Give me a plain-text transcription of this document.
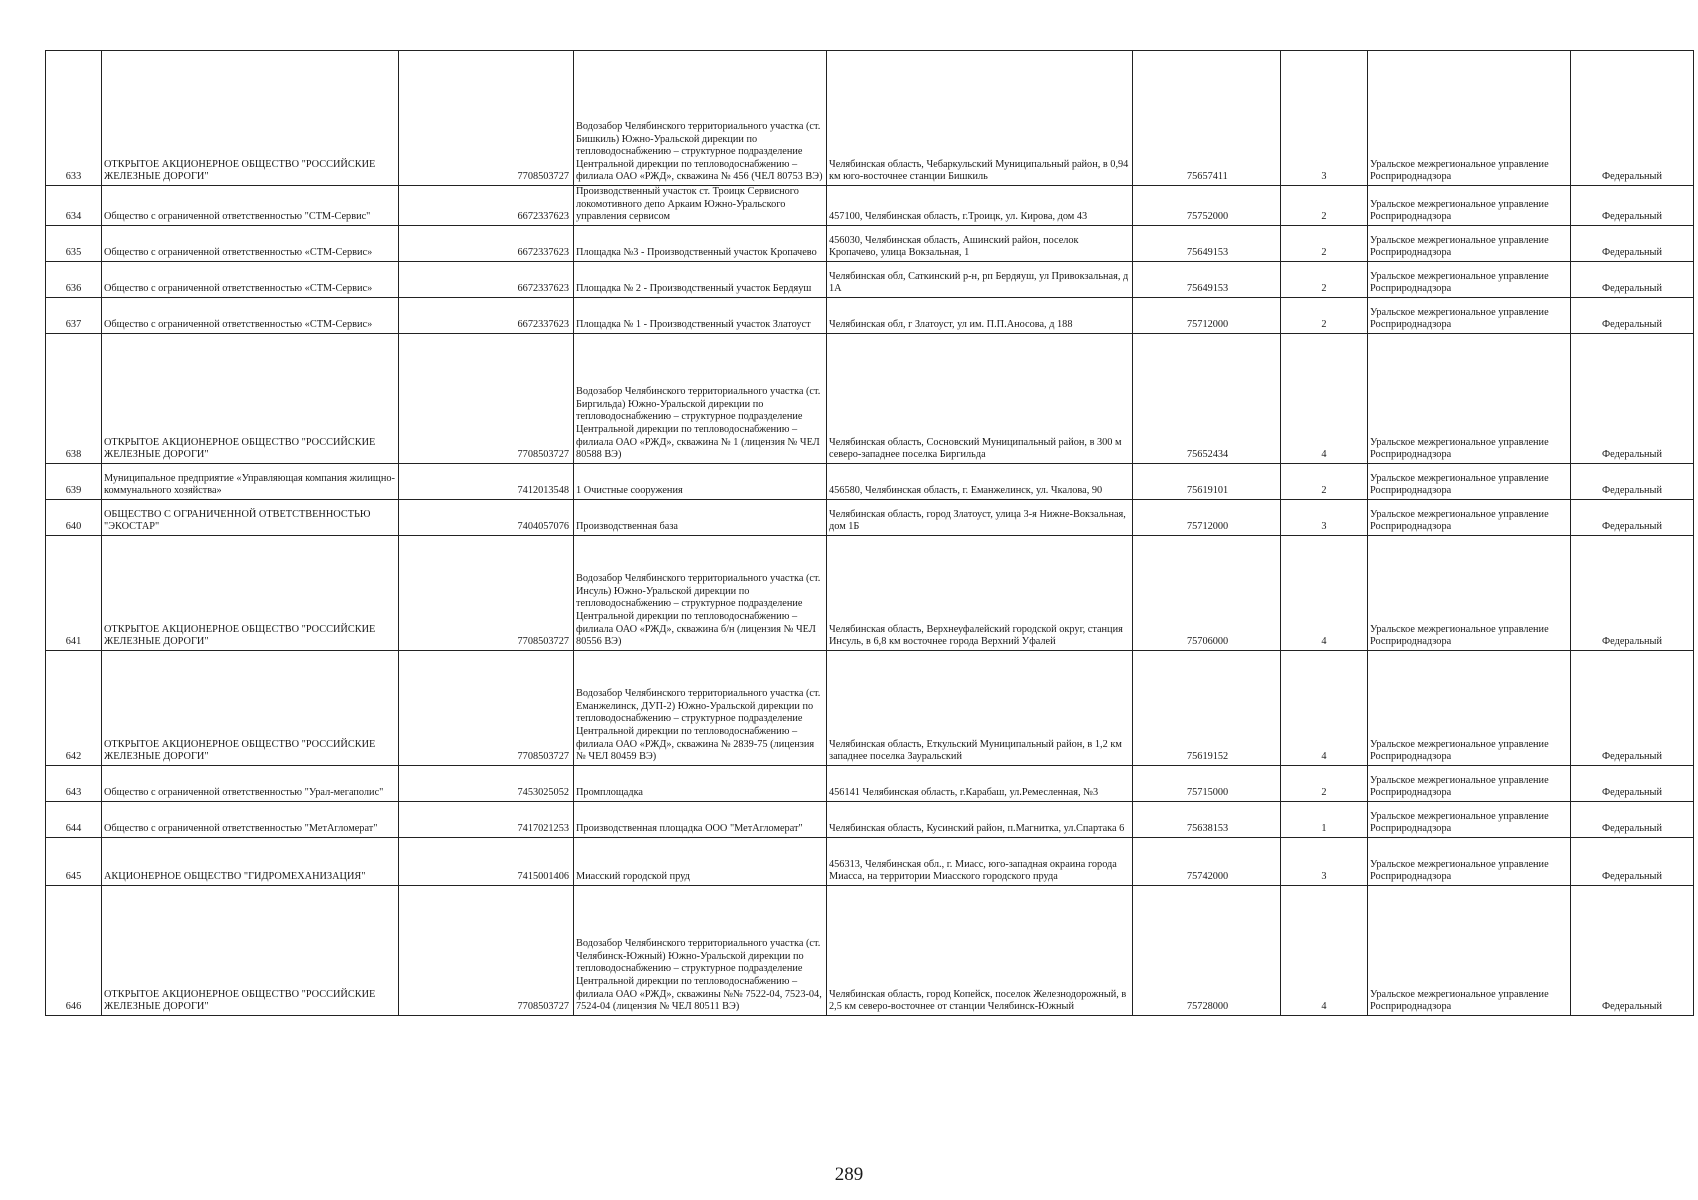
633	ОТКРЫТОЕ АКЦИОНЕРНОЕ ОБЩЕСТВО "РОССИЙСКИЕ ЖЕЛЕЗНЫЕ ДОРОГИ"	7708503727	Водозабор Челябинского территориального участка (ст. Бишкиль) Южно-Уральской дирекции по тепловодоснабжению – структурное подразделение Центральной дирекции по тепловодоснабжению – филиала ОАО «РЖД», скважина № 456 (ЧЕЛ 80753 ВЭ)	Челябинская область, Чебаркульский Муниципальный район, в 0,94 км юго-восточнее станции Бишкиль	75657411	3	Уральское межрегиональное управление Росприроднадзора	Федеральный
634	Общество с ограниченной ответственностью "СТМ-Сервис"	6672337623	Производственный участок ст. Троицк Сервисного локомотивного депо Аркаим Южно-Уральского управления сервисом	457100, Челябинская область, г.Троицк, ул. Кирова, дом 43	75752000	2	Уральское межрегиональное управление Росприроднадзора	Федеральный
635	Общество с ограниченной ответственностью «СТМ-Сервис»	6672337623	Площадка №3 - Производственный участок Кропачево	456030, Челябинская область, Ашинский район, поселок Кропачево, улица Вокзальная, 1	75649153	2	Уральское межрегиональное управление Росприроднадзора	Федеральный
636	Общество с ограниченной ответственностью «СТМ-Сервис»	6672337623	Площадка № 2 - Производственный участок Бердяуш	Челябинская обл, Саткинский р-н, рп Бердяуш, ул Привокзальная, д 1А	75649153	2	Уральское межрегиональное управление Росприроднадзора	Федеральный
637	Общество с ограниченной ответственностью «СТМ-Сервис»	6672337623	Площадка № 1 - Производственный участок Златоуст	Челябинская обл, г Златоуст, ул им. П.П.Аносова, д 188	75712000	2	Уральское межрегиональное управление Росприроднадзора	Федеральный
638	ОТКРЫТОЕ АКЦИОНЕРНОЕ ОБЩЕСТВО "РОССИЙСКИЕ ЖЕЛЕЗНЫЕ ДОРОГИ"	7708503727	Водозабор Челябинского территориального участка (ст. Биргильда) Южно-Уральской дирекции по тепловодоснабжению – структурное подразделение Центральной дирекции по тепловодоснабжению – филиала ОАО «РЖД», скважина № 1 (лицензия № ЧЕЛ 80588 ВЭ)	Челябинская область, Сосновский Муниципальный район, в 300 м северо-западнее поселка Биргильда	75652434	4	Уральское межрегиональное управление Росприроднадзора	Федеральный
639	Муниципальное предприятие «Управляющая компания жилищно-коммунального хозяйства»	7412013548	1 Очистные сооружения	456580, Челябинская область, г. Еманжелинск, ул. Чкалова, 90	75619101	2	Уральское межрегиональное управление Росприроднадзора	Федеральный
640	ОБЩЕСТВО С ОГРАНИЧЕННОЙ ОТВЕТСТВЕННОСТЬЮ "ЭКОСТАР"	7404057076	Производственная база	Челябинская область, город Златоуст, улица 3-я Нижне-Вокзальная, дом 1Б	75712000	3	Уральское межрегиональное управление Росприроднадзора	Федеральный
641	ОТКРЫТОЕ АКЦИОНЕРНОЕ ОБЩЕСТВО "РОССИЙСКИЕ ЖЕЛЕЗНЫЕ ДОРОГИ"	7708503727	Водозабор Челябинского территориального участка (ст. Инсуль) Южно-Уральской дирекции по тепловодоснабжению – структурное подразделение Центральной дирекции по тепловодоснабжению – филиала ОАО «РЖД», скважина б/н (лицензия № ЧЕЛ 80556 ВЭ)	Челябинская область, Верхнеуфалейский городской округ, станция Инсуль, в 6,8 км восточнее города Верхний Уфалей	75706000	4	Уральское межрегиональное управление Росприроднадзора	Федеральный
642	ОТКРЫТОЕ АКЦИОНЕРНОЕ ОБЩЕСТВО "РОССИЙСКИЕ ЖЕЛЕЗНЫЕ ДОРОГИ"	7708503727	Водозабор Челябинского территориального участка (ст. Еманжелинск, ДУП-2) Южно-Уральской дирекции по тепловодоснабжению – структурное подразделение Центральной дирекции по тепловодоснабжению – филиала ОАО «РЖД», скважина № 2839-75 (лицензия № ЧЕЛ 80459 ВЭ)	Челябинская область, Еткульский Муниципальный район, в 1,2 км западнее поселка Зауральский	75619152	4	Уральское межрегиональное управление Росприроднадзора	Федеральный
643	Общество с ограниченной ответственностью "Урал-мегаполис"	7453025052	Промплощадка	456141 Челябинская область, г.Карабаш, ул.Ремесленная, №3	75715000	2	Уральское межрегиональное управление Росприроднадзора	Федеральный
644	Общество с ограниченной ответственностью "МетАгломерат"	7417021253	Производственная площадка ООО "МетАгломерат"	Челябинская область, Кусинский район, п.Магнитка, ул.Спартака 6	75638153	1	Уральское межрегиональное управление Росприроднадзора	Федеральный
645	АКЦИОНЕРНОЕ ОБЩЕСТВО "ГИДРОМЕХАНИЗАЦИЯ"	7415001406	Миасский городской пруд	456313, Челябинская обл., г. Миасс, юго-западная окраина города Миасса, на территории Миасского городского пруда	75742000	3	Уральское межрегиональное управление Росприроднадзора	Федеральный
646	ОТКРЫТОЕ АКЦИОНЕРНОЕ ОБЩЕСТВО "РОССИЙСКИЕ ЖЕЛЕЗНЫЕ ДОРОГИ"	7708503727	Водозабор Челябинского территориального участка (ст. Челябинск-Южный) Южно-Уральской дирекции по тепловодоснабжению – структурное подразделение Центральной дирекции по тепловодоснабжению – филиала ОАО «РЖД», скважины №№ 7522-04, 7523-04, 7524-04 (лицензия № ЧЕЛ 80511 ВЭ)	Челябинская область, город Копейск, поселок Железнодорожный, в 2,5 км северо-восточнее от станции Челябинск-Южный	75728000	4	Уральское межрегиональное управление Росприроднадзора	Федеральный
289
